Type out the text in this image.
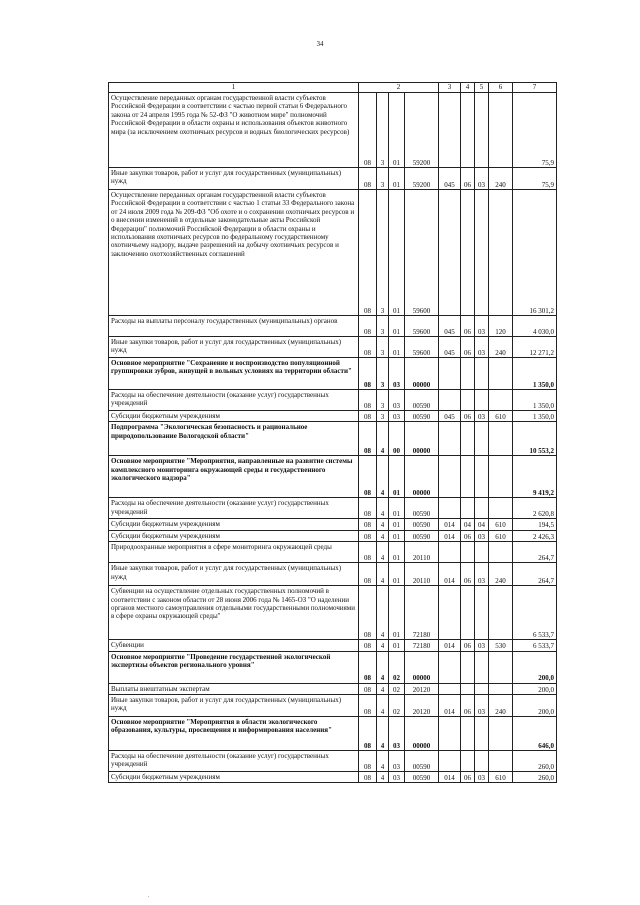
34
1	2				3	4	5	6	7
Осуществление переданных органам государственной власти субъектов Российской Федерации в соответствии с частью первой статьи 6 Федерального закона от 24 апреля 1995 года № 52-ФЗ "О животном мире" полномочий Российской Федерации в области охраны и использования объектов животного мира (за исключением охотничьих ресурсов и водных биологических ресурсов)	08	3	01	59200					75,9
Иные закупки товаров, работ и услуг для государственных (муниципальных) нужд	08	3	01	59200	045	06	03	240	75,9
Осуществление переданных органам государственной власти субъектов Российской Федерации в соответствии с частью 1 статьи 33 Федерального закона от 24 июля 2009 года № 209-ФЗ "Об охоте и о сохранении охотничьих ресурсов и о внесении изменений в отдельные законодательные акты Российской Федерации" полномочий Российской Федерации в области охраны и использования охотничьих ресурсов по федеральному государственному охотничьему надзору, выдаче разрешений на добычу охотничьих ресурсов и заключению охотхозяйственных соглашений	08	3	01	59600					16 301,2
Расходы на выплаты персоналу государственных (муниципальных) органов	08	3	01	59600	045	06	03	120	4 030,0
Иные закупки товаров, работ и услуг для государственных (муниципальных) нужд	08	3	01	59600	045	06	03	240	12 271,2
Основное мероприятие "Сохранение и воспроизводство популяционной группировки зубров, живущей в вольных условиях на территории области"	08	3	03	00000					1 350,0
Расходы на обеспечение деятельности (оказание услуг) государственных учреждений	08	3	03	00590					1 350,0
Субсидии бюджетным учреждениям	08	3	03	00590	045	06	03	610	1 350,0
Подпрограмма "Экологическая безопасность и рациональное природопользование Вологодской области"	08	4	00	00000					10 553,2
Основное мероприятие "Мероприятия, направленные на развитие системы комплексного мониторинга окружающей среды и государственного экологического надзора"	08	4	01	00000					9 419,2
Расходы на обеспечение деятельности (оказание услуг) государственных учреждений	08	4	01	00590					2 620,8
Субсидии бюджетным учреждениям	08	4	01	00590	014	04	04	610	194,5
Субсидии бюджетным учреждениям	08	4	01	00590	014	06	03	610	2 426,3
Природоохранные мероприятия в сфере мониторинга окружающей среды	08	4	01	20110					264,7
Иные закупки товаров, работ и услуг для государственных (муниципальных) нужд	08	4	01	20110	014	06	03	240	264,7
Субвенции на осуществление отдельных государственных полномочий в соответствии с законом области от 28 июня 2006 года № 1465-ОЗ "О наделении органов местного самоуправления отдельными государственными полномочиями в сфере охраны окружающей среды"	08	4	01	72180					6 533,7
Субвенции	08	4	01	72180	014	06	03	530	6 533,7
Основное мероприятие "Проведение государственной экологической экспертизы объектов регионального уровня"	08	4	02	00000					200,0
Выплаты внештатным экспертам	08	4	02	20120					200,0
Иные закупки товаров, работ и услуг для государственных (муниципальных) нужд	08	4	02	20120	014	06	03	240	200,0
Основное мероприятие "Мероприятия в области экологического образования, культуры, просвещения и информирования населения"	08	4	03	00000					646,0
Расходы на обеспечение деятельности (оказание услуг) государственных учреждений	08	4	03	00590					260,0
Субсидии бюджетным учреждениям	08	4	03	00590	014	06	03	610	260,0
.
